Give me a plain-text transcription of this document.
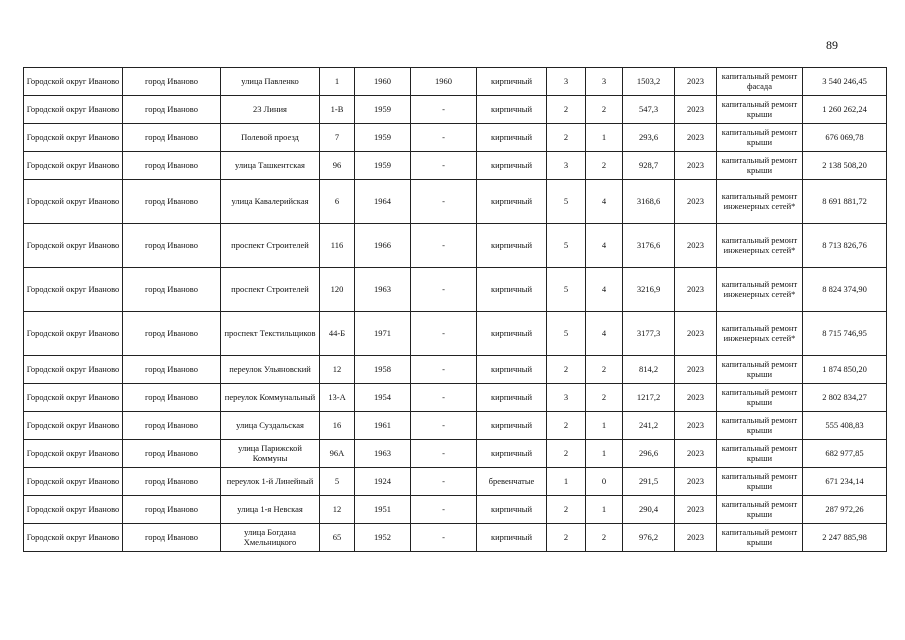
89
Городской округ Иваново	город Иваново	улица Павленко	1	1960	1960	кирпичный	3	3	1503,2	2023	капитальный ремонт фасада	3 540 246,45
Городской округ Иваново	город Иваново	23 Линия	1-В	1959	-	кирпичный	2	2	547,3	2023	капитальный ремонт крыши	1 260 262,24
Городской округ Иваново	город Иваново	Полевой проезд	7	1959	-	кирпичный	2	1	293,6	2023	капитальный ремонт крыши	676 069,78
Городской округ Иваново	город Иваново	улица Ташкентская	96	1959	-	кирпичный	3	2	928,7	2023	капитальный ремонт крыши	2 138 508,20
Городской округ Иваново	город Иваново	улица Кавалерийская	6	1964	-	кирпичный	5	4	3168,6	2023	капитальный ремонт инженерных сетей*	8 691 881,72
Городской округ Иваново	город Иваново	проспект Строителей	116	1966	-	кирпичный	5	4	3176,6	2023	капитальный ремонт инженерных сетей*	8 713 826,76
Городской округ Иваново	город Иваново	проспект Строителей	120	1963	-	кирпичный	5	4	3216,9	2023	капитальный ремонт инженерных сетей*	8 824 374,90
Городской округ Иваново	город Иваново	проспект Текстильщиков	44-Б	1971	-	кирпичный	5	4	3177,3	2023	капитальный ремонт инженерных сетей*	8 715 746,95
Городской округ Иваново	город Иваново	переулок Ульяновский	12	1958	-	кирпичный	2	2	814,2	2023	капитальный ремонт крыши	1 874 850,20
Городской округ Иваново	город Иваново	переулок Коммунальный	13-А	1954	-	кирпичный	3	2	1217,2	2023	капитальный ремонт крыши	2 802 834,27
Городской округ Иваново	город Иваново	улица Суздальская	16	1961	-	кирпичный	2	1	241,2	2023	капитальный ремонт крыши	555 408,83
Городской округ Иваново	город Иваново	улица Парижской Коммуны	96А	1963	-	кирпичный	2	1	296,6	2023	капитальный ремонт крыши	682 977,85
Городской округ Иваново	город Иваново	переулок 1-й Линейный	5	1924	-	бревенчатые	1	0	291,5	2023	капитальный ремонт крыши	671 234,14
Городской округ Иваново	город Иваново	улица 1-я Невская	12	1951	-	кирпичный	2	1	290,4	2023	капитальный ремонт крыши	287 972,26
Городской округ Иваново	город Иваново	улица Богдана Хмельницкого	65	1952	-	кирпичный	2	2	976,2	2023	капитальный ремонт крыши	2 247 885,98
